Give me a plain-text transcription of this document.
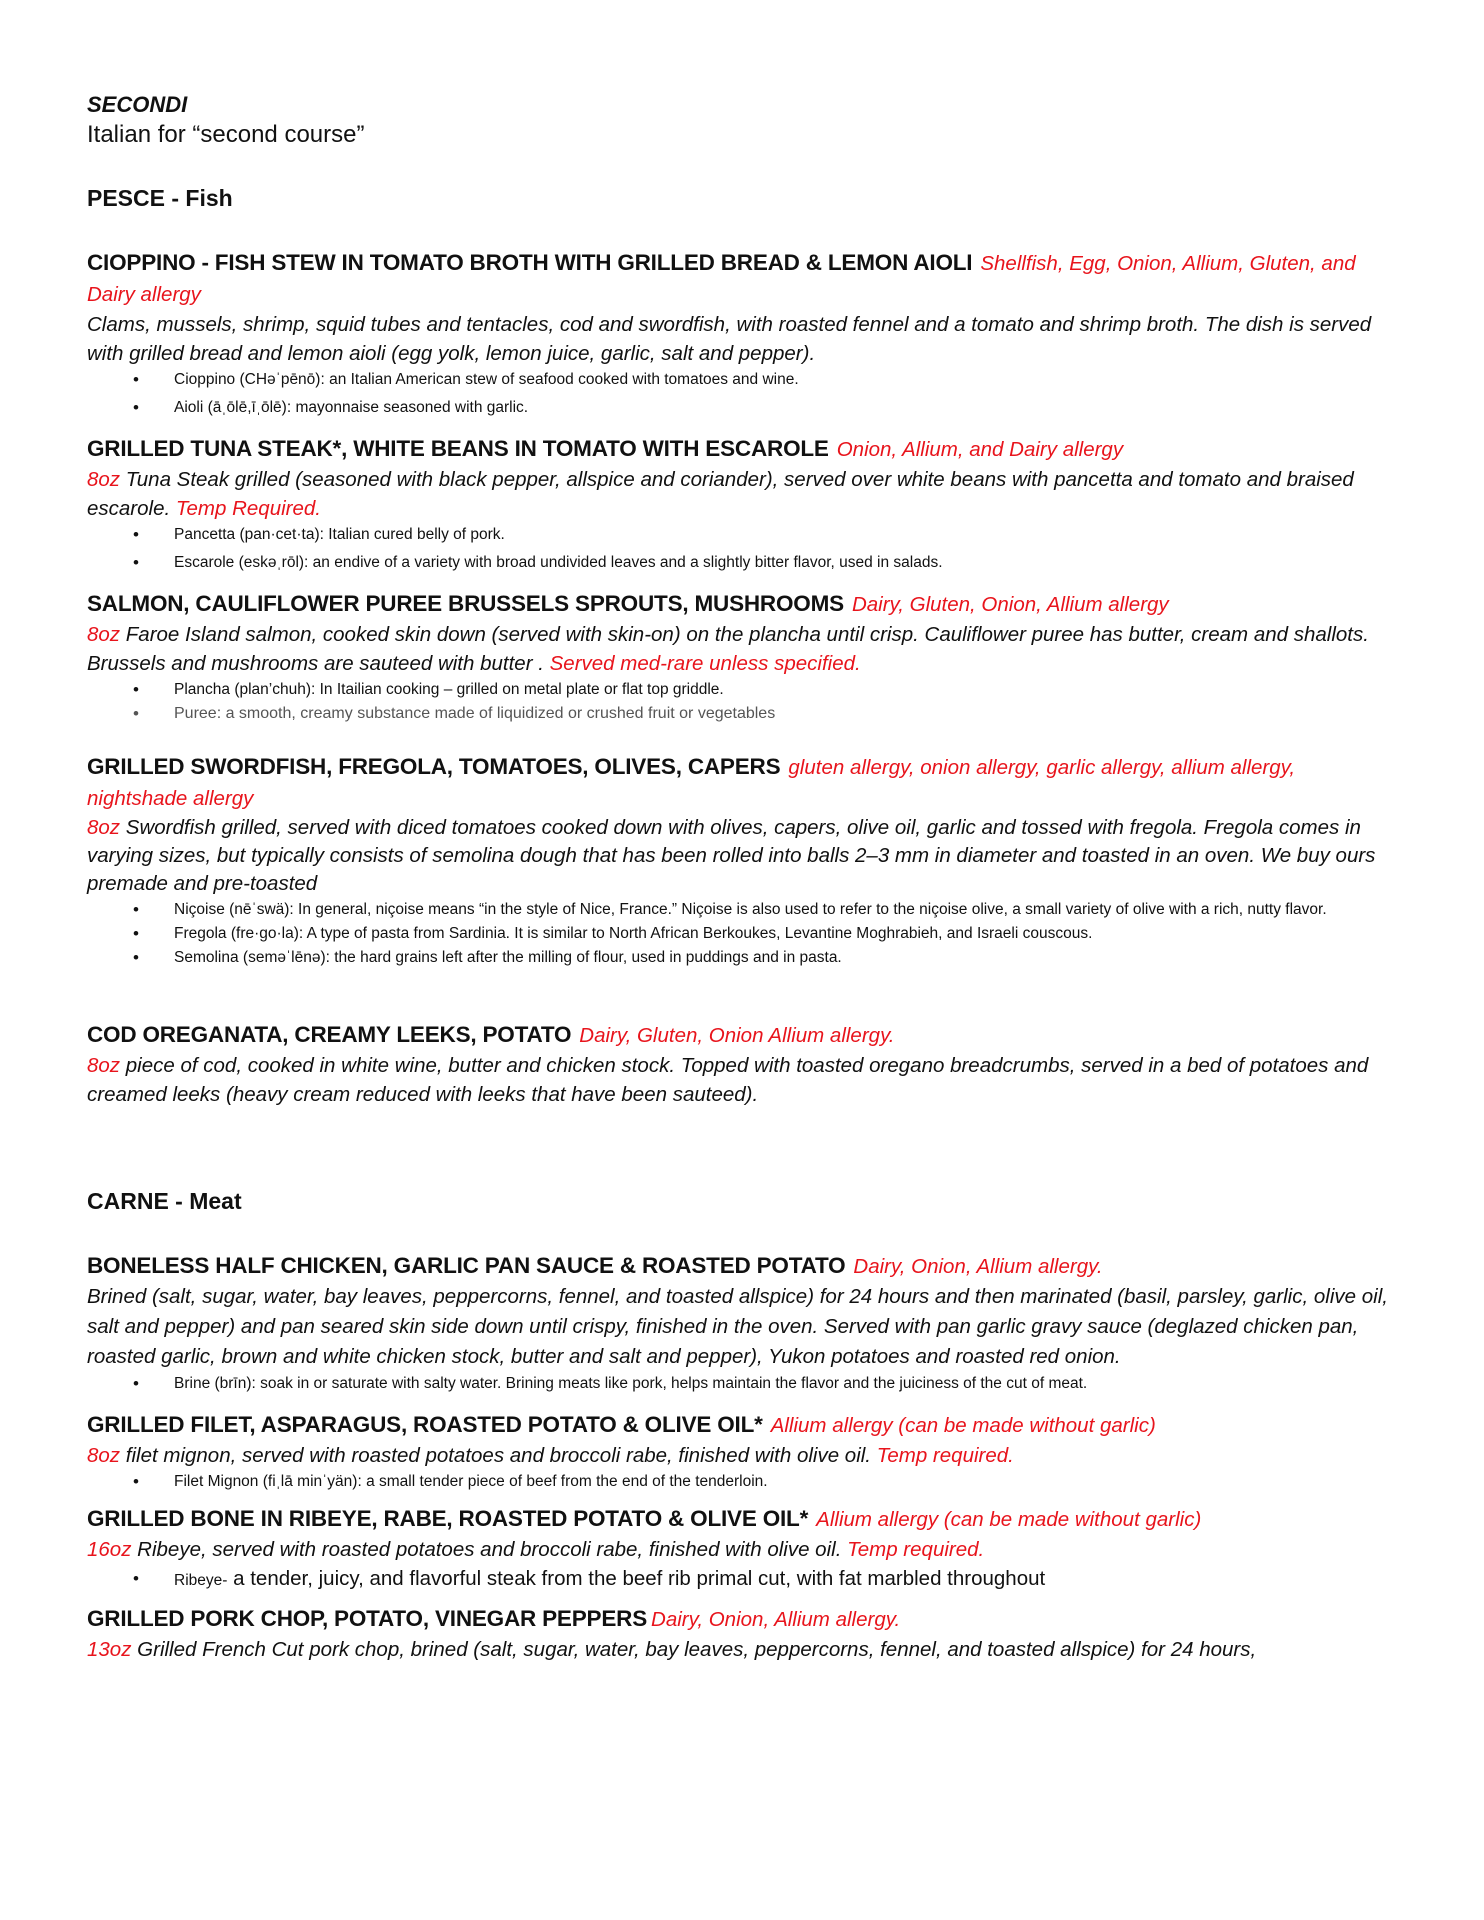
SECONDI

Italian for “second course”

PESCE - Fish

CIOPPINO - FISH STEW IN TOMATO BROTH WITH GRILLED BREAD & LEMON AIOLI Shellfish, Egg, Onion, Allium, Gluten, and Dairy allergy

Clams, mussels, shrimp, squid tubes and tentacles, cod and swordfish, with roasted fennel and a tomato and shrimp broth. The dish is served with grilled bread and lemon aioli (egg yolk, lemon juice, garlic, salt and pepper).

• Cioppino (CHəˈpēnō): an Italian American stew of seafood cooked with tomatoes and wine.
• Aioli (āˌōlē,īˌōlē): mayonnaise seasoned with garlic.

GRILLED TUNA STEAK*, WHITE BEANS IN TOMATO WITH ESCAROLE Onion, Allium, and Dairy allergy

8oz Tuna Steak grilled (seasoned with black pepper, allspice and coriander), served over white beans with pancetta and tomato and braised escarole. Temp Required.

• Pancetta (pan·cet·ta): Italian cured belly of pork.
• Escarole (eskəˌrōl): an endive of a variety with broad undivided leaves and a slightly bitter flavor, used in salads.

SALMON, CAULIFLOWER PUREE BRUSSELS SPROUTS, MUSHROOMS Dairy, Gluten, Onion, Allium allergy

8oz Faroe Island salmon, cooked skin down (served with skin-on) on the plancha until crisp. Cauliflower puree has butter, cream and shallots. Brussels and mushrooms are sauteed with butter . Served med-rare unless specified.

• Plancha (plan’chuh): In Itailian cooking – grilled on metal plate or flat top griddle.
• Puree: a smooth, creamy substance made of liquidized or crushed fruit or vegetables

GRILLED SWORDFISH, FREGOLA, TOMATOES, OLIVES, CAPERS gluten allergy, onion allergy, garlic allergy, allium allergy, nightshade allergy

8oz Swordfish grilled, served with diced tomatoes cooked down with olives, capers, olive oil, garlic and tossed with fregola. Fregola comes in varying sizes, but typically consists of semolina dough that has been rolled into balls 2–3 mm in diameter and toasted in an oven. We buy ours premade and pre-toasted

• Niçoise (nēˈswä): In general, niçoise means “in the style of Nice, France.” Niçoise is also used to refer to the niçoise olive, a small variety of olive with a rich, nutty flavor.
• Fregola (fre·go·la): A type of pasta from Sardinia. It is similar to North African Berkoukes, Levantine Moghrabieh, and Israeli couscous.
• Semolina (seməˈlēnə): the hard grains left after the milling of flour, used in puddings and in pasta.

COD OREGANATA, CREAMY LEEKS, POTATO Dairy, Gluten, Onion Allium allergy.

8oz piece of cod, cooked in white wine, butter and chicken stock. Topped with toasted oregano breadcrumbs, served in a bed of potatoes and creamed leeks (heavy cream reduced with leeks that have been sauteed).

CARNE - Meat

BONELESS HALF CHICKEN, GARLIC PAN SAUCE & ROASTED POTATO Dairy, Onion, Allium allergy.

Brined (salt, sugar, water, bay leaves, peppercorns, fennel, and toasted allspice) for 24 hours and then marinated (basil, parsley, garlic, olive oil, salt and pepper) and pan seared skin side down until crispy, finished in the oven. Served with pan garlic gravy sauce (deglazed chicken pan, roasted garlic, brown and white chicken stock, butter and salt and pepper), Yukon potatoes and roasted red onion.

• Brine (brīn): soak in or saturate with salty water. Brining meats like pork, helps maintain the flavor and the juiciness of the cut of meat.

GRILLED FILET, ASPARAGUS, ROASTED POTATO & OLIVE OIL* Allium allergy (can be made without garlic)

8oz filet mignon, served with roasted potatoes and broccoli rabe, finished with olive oil. Temp required.

• Filet Mignon (fiˌlā minˈyän): a small tender piece of beef from the end of the tenderloin.

GRILLED BONE IN RIBEYE, RABE, ROASTED POTATO & OLIVE OIL* Allium allergy (can be made without garlic)

16oz Ribeye, served with roasted potatoes and broccoli rabe, finished with olive oil. Temp required.

• Ribeye- a tender, juicy, and flavorful steak from the beef rib primal cut, with fat marbled throughout

GRILLED PORK CHOP, POTATO, VINEGAR PEPPERS Dairy, Onion, Allium allergy.

13oz Grilled French Cut pork chop, brined (salt, sugar, water, bay leaves, peppercorns, fennel, and toasted allspice) for 24 hours,
